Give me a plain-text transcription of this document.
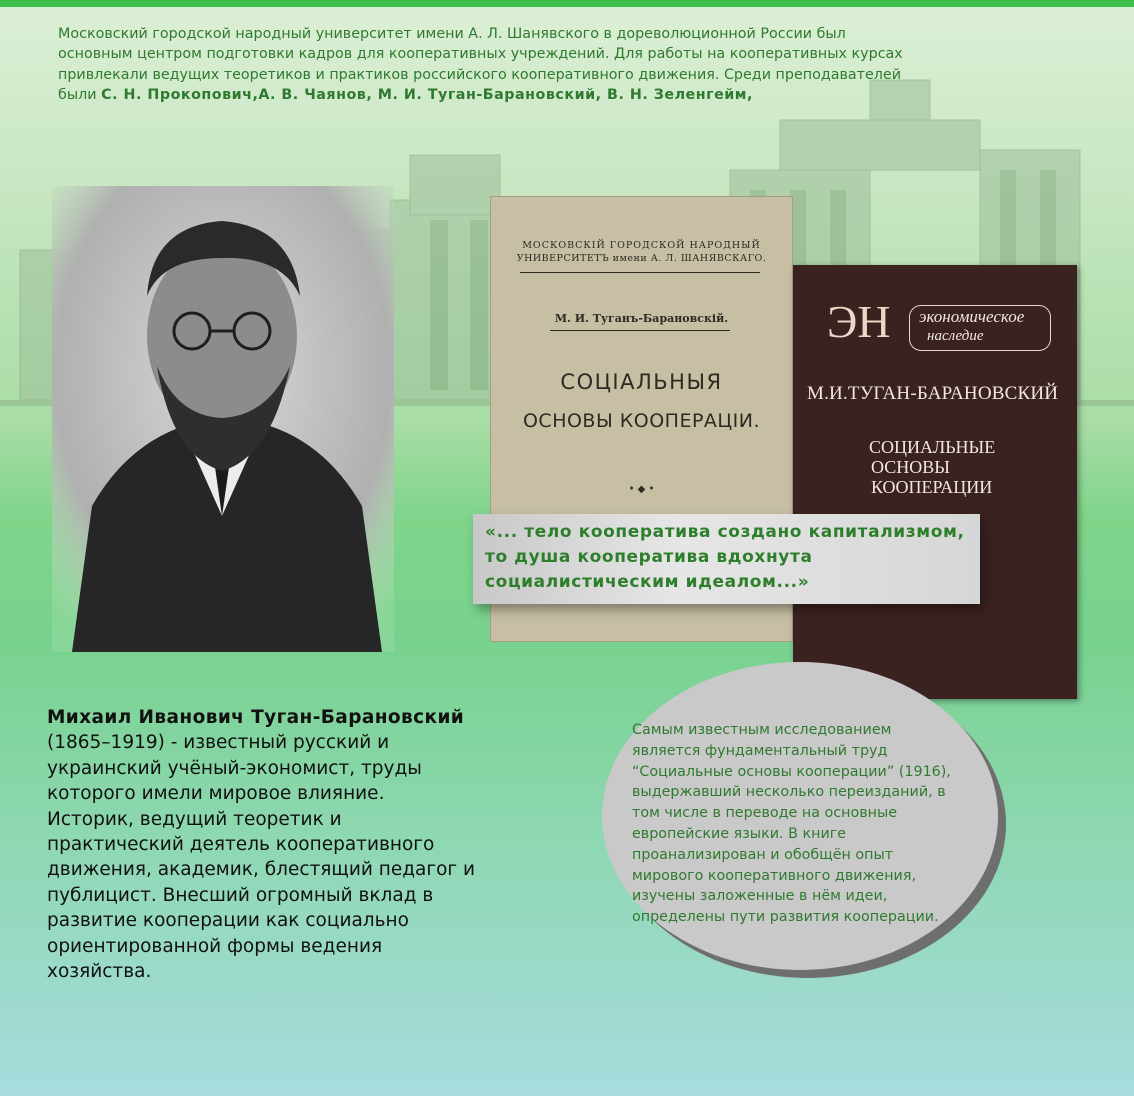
Московский городской народный университет имени А. Л. Шанявского в дореволюционной России был основным центром подготовки кадров для кооперативных учреждений. Для работы на кооперативных курсах привлекали ведущих теоретиков и практиков российского кооперативного движения. Среди преподавателей были С. Н. Прокопович,А. В. Чаянов, М. И. Туган-Барановский, В. Н. Зеленгейм,

МОСКОВСКІЙ ГОРОДСКОЙ НАРОДНЫЙ
УНИВЕРСИТЕТЪ имени А. Л. ШАНЯВСКАГО.
М. И. Туганъ-Барановскій.
СОЦІАЛЬНЫЯ
ОСНОВЫ КООПЕРАЦІИ.
• ◆ •
ЭН экономическое
наследие
М.И.ТУГАН-БАРАНОВСКИЙ
СОЦИАЛЬНЫЕ
ОСНОВЫ
КООПЕРАЦИИ

«... тело кооператива создано капитализмом,
то душа кооператива вдохнута
социалистическим идеалом...»

Михаил Иванович Туган-Барановский
(1865–1919) - известный русский и украинский учёный-экономист, труды которого имели мировое влияние. Историк, ведущий теоретик и практический деятель кооперативного движения, академик, блестящий педагог и публицист. Внесший огромный вклад в развитие кооперации как социально ориентированной формы ведения хозяйства.

Самым известным исследованием является фундаментальный труд “Социальные основы кооперации” (1916), выдержавший несколько переизданий, в том числе в переводе на основные европейские языки. В книге проанализирован и обобщён опыт мирового кооперативного движения, изучены заложенные в нём идеи, определены пути развития кооперации.
